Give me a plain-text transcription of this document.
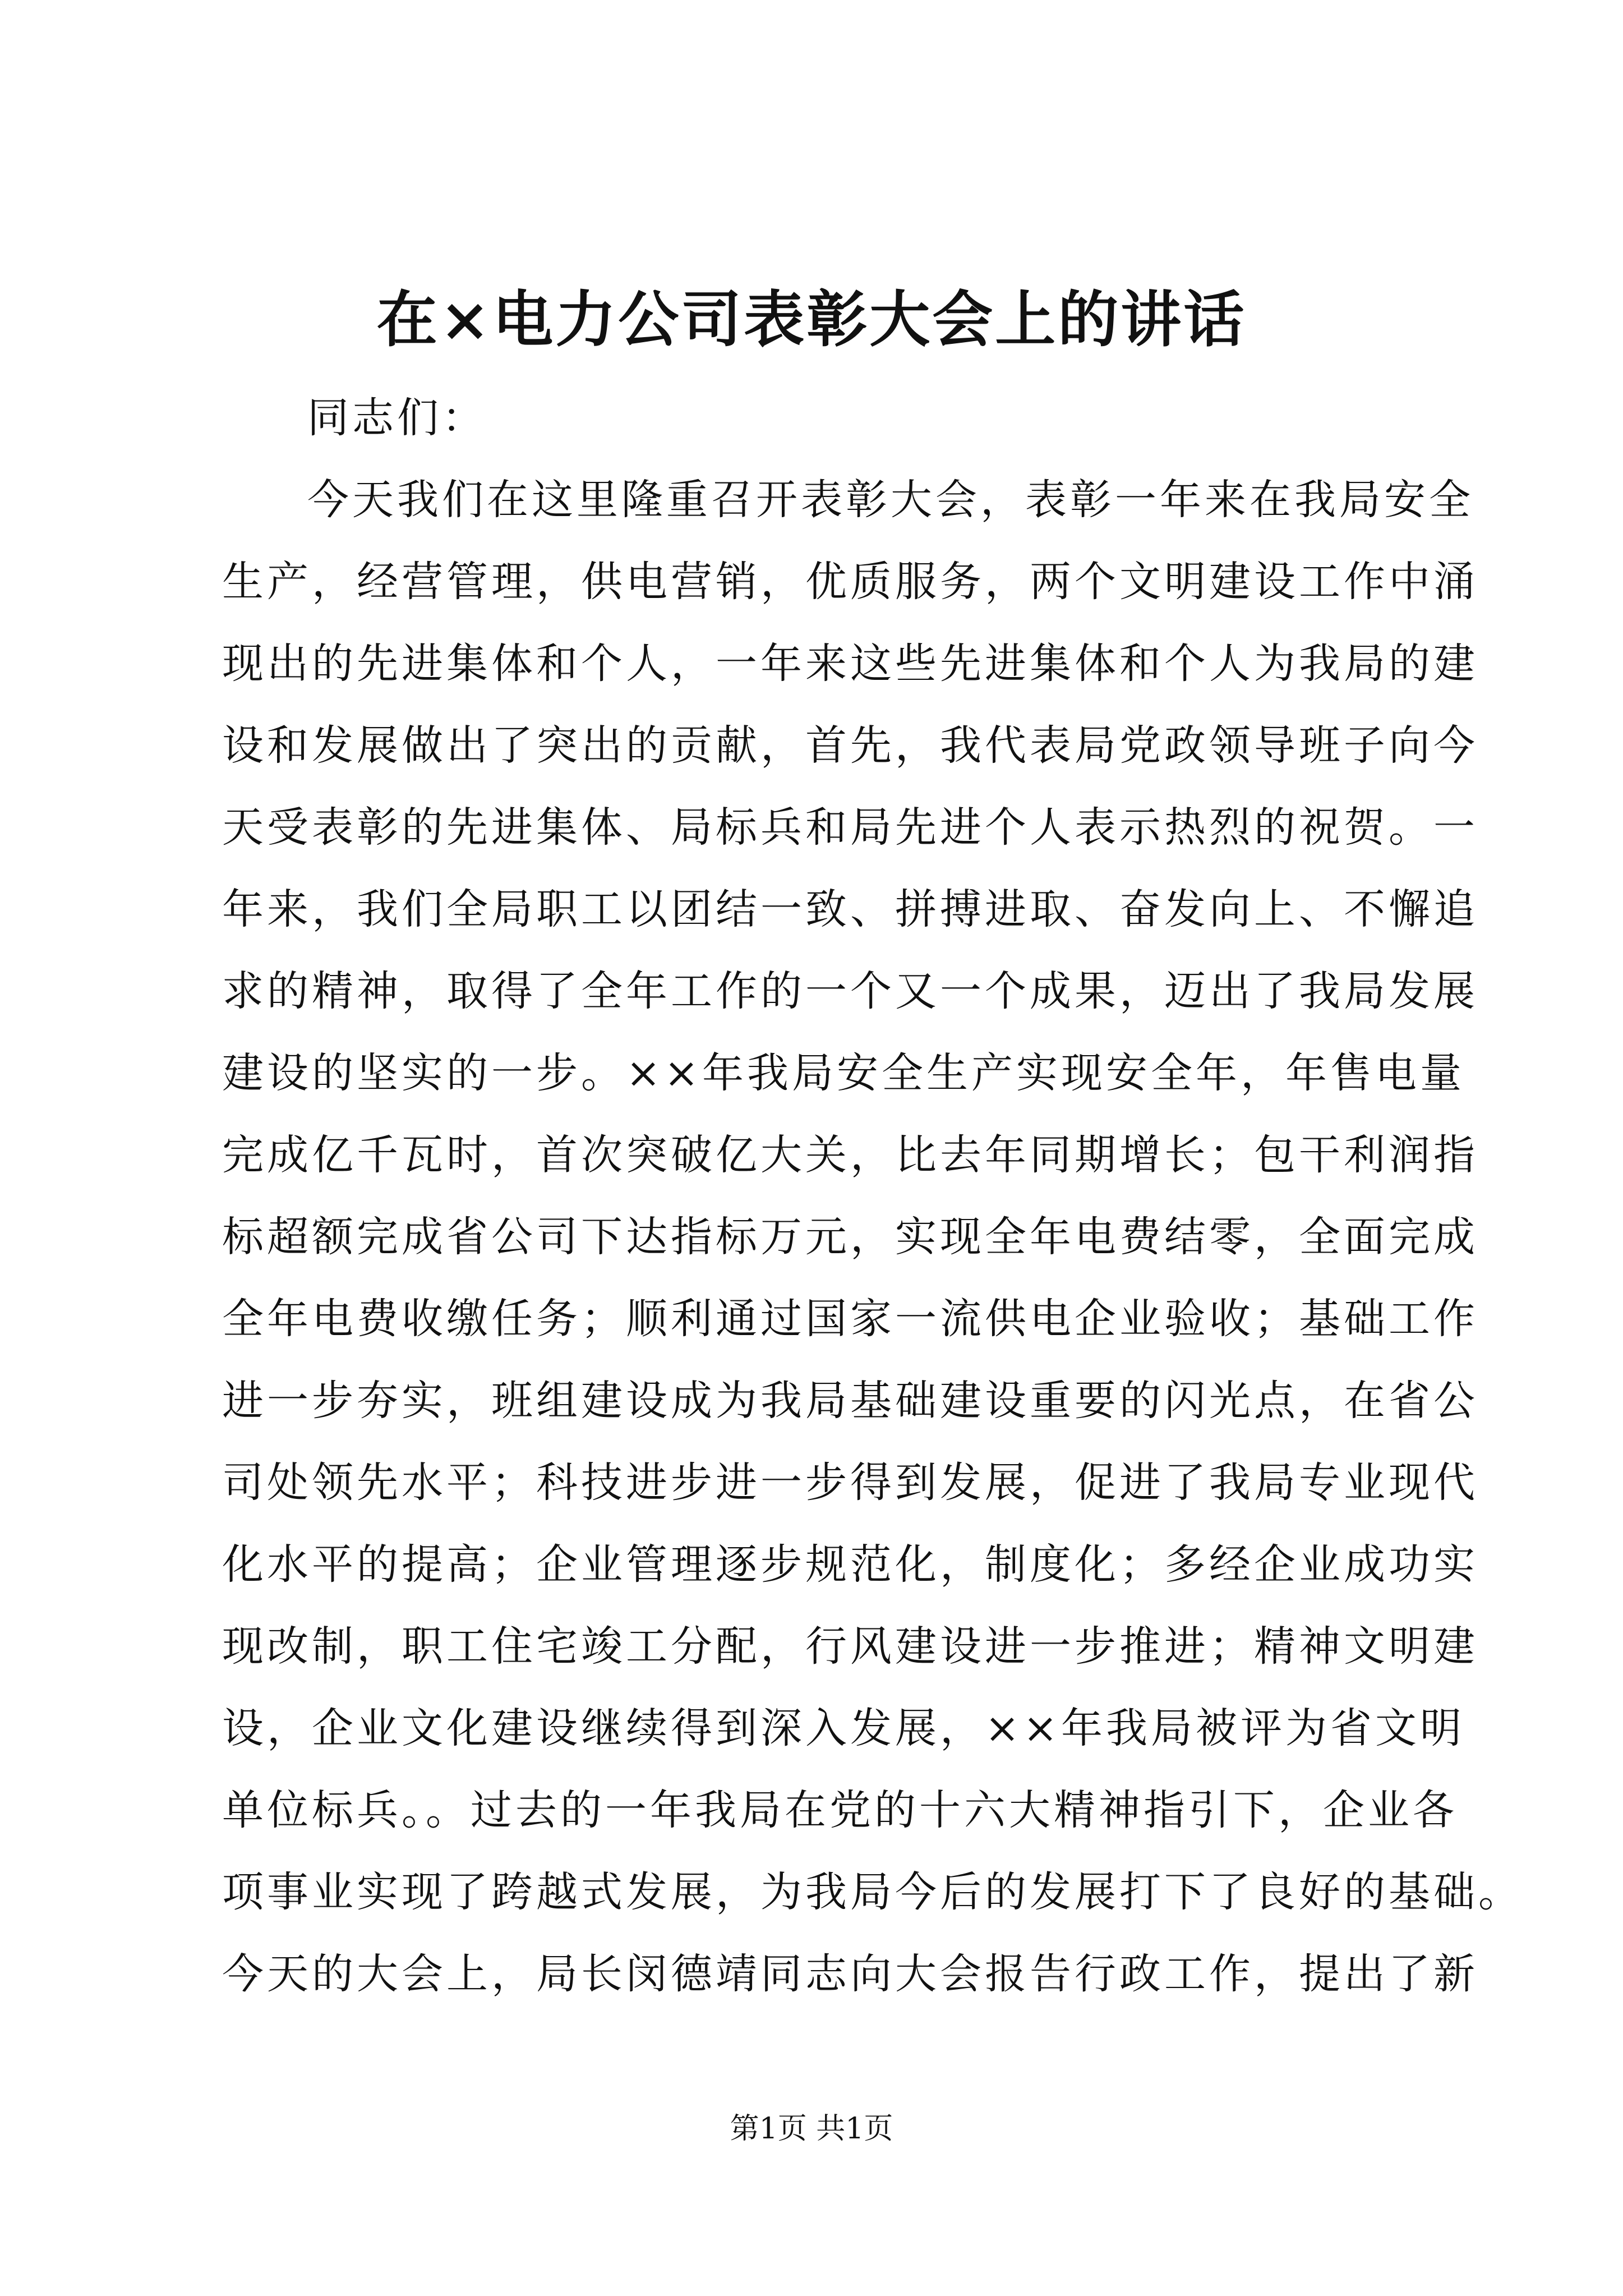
在×电力公司表彰大会上的讲话
同志们：
今天我们在这里隆重召开表彰大会，表彰一年来在我局安全
生产，经营管理，供电营销，优质服务，两个文明建设工作中涌
现出的先进集体和个人，一年来这些先进集体和个人为我局的建
设和发展做出了突出的贡献，首先，我代表局党政领导班子向今
天受表彰的先进集体、局标兵和局先进个人表示热烈的祝贺。一
年来，我们全局职工以团结一致、拼搏进取、奋发向上、不懈追
求的精神，取得了全年工作的一个又一个成果，迈出了我局发展
建设的坚实的一步。××年我局安全生产实现安全年，年售电量
完成亿千瓦时，首次突破亿大关，比去年同期增长；包干利润指
标超额完成省公司下达指标万元，实现全年电费结零，全面完成
全年电费收缴任务；顺利通过国家一流供电企业验收；基础工作
进一步夯实，班组建设成为我局基础建设重要的闪光点，在省公
司处领先水平；科技进步进一步得到发展，促进了我局专业现代
化水平的提高；企业管理逐步规范化，制度化；多经企业成功实
现改制，职工住宅竣工分配，行风建设进一步推进；精神文明建
设，企业文化建设继续得到深入发展，××年我局被评为省文明
单位标兵。。过去的一年我局在党的十六大精神指引下，企业各
项事业实现了跨越式发展，为我局今后的发展打下了良好的基础。
今天的大会上，局长闵德靖同志向大会报告行政工作，提出了新
第1页 共1页
